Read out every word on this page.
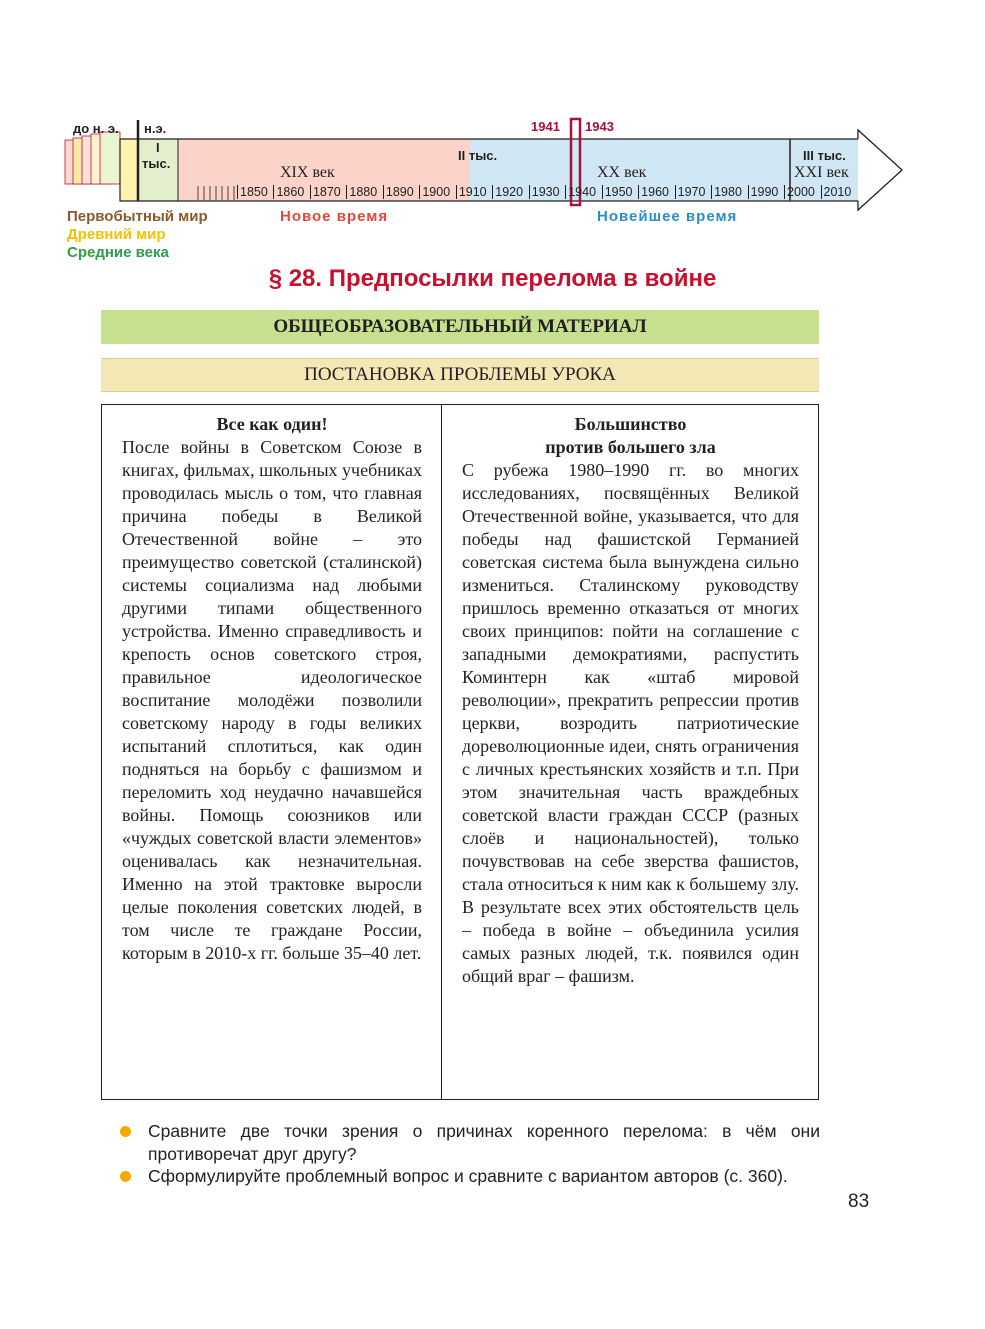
до н. э. н.э.	1941 1943
I
тыс.
II тыс.	III тыс.
XIX век	XX век	XXI век
1850 1860 1870 1880 1890 1900 1910 1920 1930 1940 1950 1960 1970 1980 1990 2000 2010
Первобытный мир
Древний мир
Средние века
Новое время	Новейшее время
§ 28. Предпосылки перелома в войне
ОБЩЕОБРАЗОВАТЕЛЬНЫЙ МАТЕРИАЛ
ПОСТАНОВКА ПРОБЛЕМЫ УРОКА
Все как один!

После войны в Советском Союзе в книгах, фильмах, школьных учебниках проводилась мысль о том, что главная причина победы в Великой Отечественной войне – это преимущество советской (сталинской) системы социализма над любыми другими типами общественного устройства. Именно справедливость и крепость основ советского строя, правильное идеологическое воспитание молодёжи позволили советскому народу в годы великих испытаний сплотиться, как один подняться на борьбу с фашизмом и переломить ход неудачно начавшейся войны. Помощь союзников или «чуждых советской власти элементов» оценивалась как незначительная. Именно на этой трактовке выросли целые поколения советских людей, в том числе те граждане России, которым в 2010-х гг. больше 35–40 лет.

Большинство
против большего зла

С рубежа 1980–1990 гг. во многих исследованиях, посвящённых Великой Отечественной войне, указывается, что для победы над фашистской Германией советская система была вынуждена сильно измениться. Сталинскому руководству пришлось временно отказаться от многих своих принципов: пойти на соглашение с западными демократиями, распустить Коминтерн как «штаб мировой революции», прекратить репрессии против церкви, возродить патриотические дореволюционные идеи, снять ограничения с личных крестьянских хозяйств и т.п. При этом значительная часть враждебных советской власти граждан СССР (разных слоёв и национальностей), только почувствовав на себе зверства фашистов, стала относиться к ним как к большему злу. В результате всех этих обстоятельств цель – победа в войне – объединила усилия самых разных людей, т.к. появился один общий враг – фашизм.

Сравните две точки зрения о причинах коренного перелома: в чём они противоречат друг другу?
Сформулируйте проблемный вопрос и сравните с вариантом авторов (с. 360).
83
